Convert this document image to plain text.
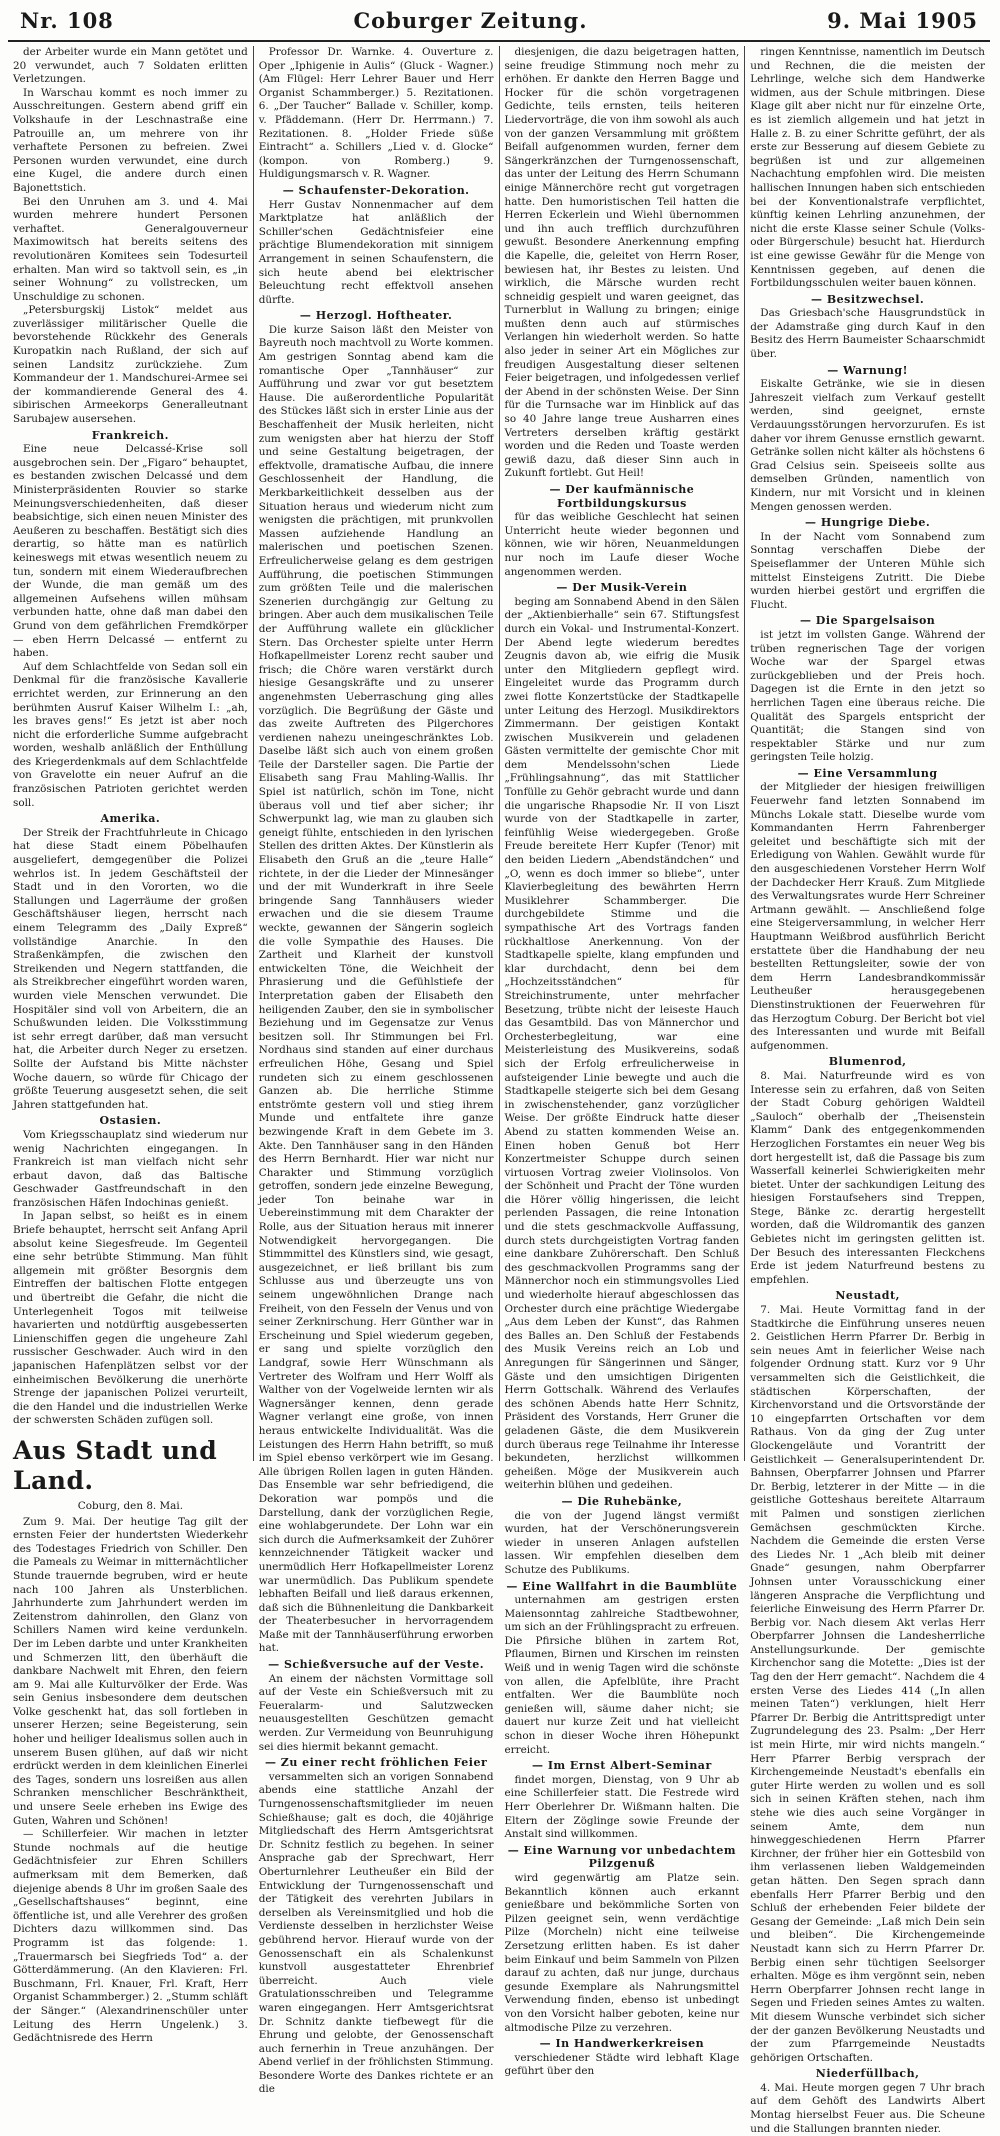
Nr. 108	Coburger Zeitung.	9. Mai 1905

der Arbeiter wurde ein Mann getötet und 20 verwundet, auch 7 Soldaten erlitten Verletzungen.

In Warschau kommt es noch immer zu Ausschreitungen. Gestern abend griff ein Volkshaufe in der Leschnastraße eine Patrouille an, um mehrere von ihr verhaftete Personen zu befreien. Zwei Personen wurden verwundet, eine durch eine Kugel, die andere durch einen Bajonettstich.

Bei den Unruhen am 3. und 4. Mai wurden mehrere hundert Personen verhaftet. Generalgouverneur Maximowitsch hat bereits seitens des revolutionären Komitees sein Todesurteil erhalten. Man wird so taktvoll sein, es „in seiner Wohnung“ zu vollstrecken, um Unschuldige zu schonen.

„Petersburgskij Listok“ meldet aus zuverlässiger militärischer Quelle die bevorstehende Rückkehr des Generals Kuropatkin nach Rußland, der sich auf seinen Landsitz zurückziehe. Zum Kommandeur der 1. Mandschurei-Armee sei der kommandierende General des 4. sibirischen Armeekorps Generalleutnant Sarubajew ausersehen.

Frankreich.

Eine neue Delcassé-Krise soll ausgebrochen sein. Der „Figaro“ behauptet, es bestanden zwischen Delcassé und dem Ministerpräsidenten Rouvier so starke Meinungsverschiedenheiten, daß dieser beabsichtige, sich einen neuen Minister des Aeußeren zu beschaffen. Bestätigt sich dies derartig, so hätte man es natürlich keineswegs mit etwas wesentlich neuem zu tun, sondern mit einem Wiederaufbrechen der Wunde, die man gemäß um des allgemeinen Aufsehens willen mühsam verbunden hatte, ohne daß man dabei den Grund von dem gefährlichen Fremdkörper — eben Herrn Delcassé — entfernt zu haben.

Auf dem Schlachtfelde von Sedan soll ein Denkmal für die französische Kavallerie errichtet werden, zur Erinnerung an den berühmten Ausruf Kaiser Wilhelm I.: „ah, les braves gens!“ Es jetzt ist aber noch nicht die erforderliche Summe aufgebracht worden, weshalb anläßlich der Enthüllung des Kriegerdenkmals auf dem Schlachtfelde von Gravelotte ein neuer Aufruf an die französischen Patrioten gerichtet werden soll.

Amerika.

Der Streik der Frachtfuhrleute in Chicago hat diese Stadt einem Pöbelhaufen ausgeliefert, demgegenüber die Polizei wehrlos ist. In jedem Geschäftsteil der Stadt und in den Vororten, wo die Stallungen und Lagerräume der großen Geschäftshäuser liegen, herrscht nach einem Telegramm des „Daily Expreß“ vollständige Anarchie. In den Straßenkämpfen, die zwischen den Streikenden und Negern stattfanden, die als Streikbrecher eingeführt worden waren, wurden viele Menschen verwundet. Die Hospitäler sind voll von Arbeitern, die an Schußwunden leiden. Die Volksstimmung ist sehr erregt darüber, daß man versucht hat, die Arbeiter durch Neger zu ersetzen. Sollte der Aufstand bis Mitte nächster Woche dauern, so würde für Chicago der größte Teuerung ausgesetzt sehen, die seit Jahren stattgefunden hat.

Ostasien.

Vom Kriegsschauplatz sind wiederum nur wenig Nachrichten eingegangen. In Frankreich ist man vielfach nicht sehr erbaut davon, daß das Baltische Geschwader Gastfreundschaft in den französischen Häfen Indochinas genießt.

In Japan selbst, so heißt es in einem Briefe behauptet, herrscht seit Anfang April absolut keine Siegesfreude. Im Gegenteil eine sehr betrübte Stimmung. Man fühlt allgemein mit größter Besorgnis dem Eintreffen der baltischen Flotte entgegen und übertreibt die Gefahr, die nicht die Unterlegenheit Togos mit teilweise havarierten und notdürftig ausgebesserten Linienschiffen gegen die ungeheure Zahl russischer Geschwader. Auch wird in den japanischen Hafenplätzen selbst vor der einheimischen Bevölkerung die unerhörte Strenge der japanischen Polizei verurteilt, die den Handel und die industriellen Werke der schwersten Schäden zufügen soll.

Aus Stadt und Land.
Coburg, den 8. Mai.

Zum 9. Mai. Der heutige Tag gilt der ernsten Feier der hundertsten Wiederkehr des Todestages Friedrich von Schiller. Den die Pameals zu Weimar in mitternächtlicher Stunde trauernde begruben, wird er heute nach 100 Jahren als Unsterblichen. Jahrhunderte zum Jahrhundert werden im Zeitenstrom dahinrollen, den Glanz von Schillers Namen wird keine verdunkeln. Der im Leben darbte und unter Krankheiten und Schmerzen litt, den überhäuft die dankbare Nachwelt mit Ehren, den feiern am 9. Mai alle Kulturvölker der Erde. Was sein Genius insbesondere dem deutschen Volke geschenkt hat, das soll fortleben in unserer Herzen; seine Begeisterung, sein hoher und heiliger Idealismus sollen auch in unserem Busen glühen, auf daß wir nicht erdrückt werden in dem kleinlichen Einerlei des Tages, sondern uns losreißen aus allen Schranken menschlicher Beschränktheit, und unsere Seele erheben ins Ewige des Guten, Wahren und Schönen!

— Schillerfeier. Wir machen in letzter Stunde nochmals auf die heutige Gedächtnisfeier zur Ehren Schillers aufmerksam mit dem Bemerken, daß diejenige abends 8 Uhr im großen Saale des „Gesellschaftshauses“ beginnt, eine öffentliche ist, und alle Verehrer des großen Dichters dazu willkommen sind. Das Programm ist das folgende: 1. „Trauermarsch bei Siegfrieds Tod“ a. der Götterdämmerung. (An den Klavieren: Frl. Buschmann, Frl. Knauer, Frl. Kraft, Herr Organist Schammberger.) 2. „Stumm schläft der Sänger.“ (Alexandrinenschüler unter Leitung des Herrn Ungelenk.) 3. Gedächtnisrede des Herrn

Professor Dr. Warnke. 4. Ouverture z. Oper „Iphigenie in Aulis“ (Gluck - Wagner.) (Am Flügel: Herr Lehrer Bauer und Herr Organist Schammberger.) 5. Rezitationen. 6. „Der Taucher“ Ballade v. Schiller, komp. v. Pfäddemann. (Herr Dr. Herrmann.) 7. Rezitationen. 8. „Holder Friede süße Eintracht“ a. Schillers „Lied v. d. Glocke“ (kompon. von Romberg.) 9. Huldigungsmarsch v. R. Wagner.

— Schaufenster-Dekoration.

Herr Gustav Nonnenmacher auf dem Marktplatze hat anläßlich der Schiller'schen Gedächtnisfeier eine prächtige Blumendekoration mit sinnigem Arrangement in seinen Schaufenstern, die sich heute abend bei elektrischer Beleuchtung recht effektvoll ansehen dürfte.

— Herzogl. Hoftheater.

Die kurze Saison läßt den Meister von Bayreuth noch machtvoll zu Worte kommen. Am gestrigen Sonntag abend kam die romantische Oper „Tannhäuser“ zur Aufführung und zwar vor gut besetztem Hause. Die außerordentliche Popularität des Stückes läßt sich in erster Linie aus der Beschaffenheit der Musik herleiten, nicht zum wenigsten aber hat hierzu der Stoff und seine Gestaltung beigetragen, der effektvolle, dramatische Aufbau, die innere Geschlossenheit der Handlung, die Merkbarkeitlichkeit desselben aus der Situation heraus und wiederum nicht zum wenigsten die prächtigen, mit prunkvollen Massen aufziehende Handlung an malerischen und poetischen Szenen. Erfreulicherweise gelang es dem gestrigen Aufführung, die poetischen Stimmungen zum größten Teile und die malerischen Szenerien durchgängig zur Geltung zu bringen. Aber auch dem musikalischen Teile der Aufführung wallete ein glücklicher Stern. Das Orchester spielte unter Herrn Hofkapellmeister Lorenz recht sauber und frisch; die Chöre waren verstärkt durch hiesige Gesangskräfte und zu unserer angenehmsten Ueberraschung ging alles vorzüglich. Die Begrüßung der Gäste und das zweite Auftreten des Pilgerchores verdienen nahezu uneingeschränktes Lob. Daselbe läßt sich auch von einem großen Teile der Darsteller sagen. Die Partie der Elisabeth sang Frau Mahling-Wallis. Ihr Spiel ist natürlich, schön im Tone, nicht überaus voll und tief aber sicher; ihr Schwerpunkt lag, wie man zu glauben sich geneigt fühlte, entschieden in den lyrischen Stellen des dritten Aktes. Der Künstlerin als Elisabeth den Gruß an die „teure Halle“ richtete, in der die Lieder der Minnesänger und der mit Wunderkraft in ihre Seele bringende Sang Tannhäusers wieder erwachen und die sie diesem Traume weckte, gewannen der Sängerin sogleich die volle Sympathie des Hauses. Die Zartheit und Klarheit der kunstvoll entwickelten Töne, die Weichheit der Phrasierung und die Gefühlstiefe der Interpretation gaben der Elisabeth den heiligenden Zauber, den sie in symbolischer Beziehung und im Gegensatze zur Venus besitzen soll. Ihr Stimmungen bei Frl. Nordhaus sind standen auf einer durchaus erfreulichen Höhe, Gesang und Spiel rundeten sich zu einem geschlossenen Ganzen ab. Die herrliche Stimme entströmte gestern voll und stieg ihrem Munde und entfaltete ihre ganze bezwingende Kraft in dem Gebete im 3. Akte. Den Tannhäuser sang in den Händen des Herrn Bernhardt. Hier war nicht nur Charakter und Stimmung vorzüglich getroffen, sondern jede einzelne Bewegung, jeder Ton beinahe war in Uebereinstimmung mit dem Charakter der Rolle, aus der Situation heraus mit innerer Notwendigkeit hervorgegangen. Die Stimmmittel des Künstlers sind, wie gesagt, ausgezeichnet, er ließ brillant bis zum Schlusse aus und überzeugte uns von seinem ungewöhnlichen Drange nach Freiheit, von den Fesseln der Venus und von seiner Zerknirschung. Herr Günther war in Erscheinung und Spiel wiederum gegeben, er sang und spielte vorzüglich den Landgraf, sowie Herr Wünschmann als Vertreter des Wolfram und Herr Wolff als Walther von der Vogelweide lernten wir als Wagnersänger kennen, denn gerade Wagner verlangt eine große, von innen heraus entwickelte Individualität. Was die Leistungen des Herrn Hahn betrifft, so muß im Spiel ebenso verkörpert wie im Gesang. Alle übrigen Rollen lagen in guten Händen. Das Ensemble war sehr befriedigend, die Dekoration war pompös und die Darstellung, dank der vorzüglichen Regie, eine wohlabgerundete. Der Lohn war ein sich durch die Aufmerksamkeit der Zuhörer kennzeichnender Tätigkeit wacker und unermüdlich Herr Hofkapellmeister Lorenz war unermüdlich. Das Publikum spendete lebhaften Beifall und ließ daraus erkennen, daß sich die Bühnenleitung die Dankbarkeit der Theaterbesucher in hervorragendem Maße mit der Tannhäuserführung erworben hat.

— Schießversuche auf der Veste.

An einem der nächsten Vormittage soll auf der Veste ein Schießversuch mit zu Feueralarm- und Salutzwecken neuausgestellten Geschützen gemacht werden. Zur Vermeidung von Beunruhigung sei dies hiermit bekannt gemacht.

— Zu einer recht fröhlichen Feier

versammelten sich an vorigen Sonnabend abends eine stattliche Anzahl der Turngenossenschaftsmitglieder im neuen Schießhause; galt es doch, die 40jährige Mitgliedschaft des Herrn Amtsgerichtsrat Dr. Schnitz festlich zu begehen. In seiner Ansprache gab der Sprechwart, Herr Oberturnlehrer Leutheußer ein Bild der Entwicklung der Turngenossenschaft und der Tätigkeit des verehrten Jubilars in derselben als Vereinsmitglied und hob die Verdienste desselben in herzlichster Weise gebührend hervor. Hierauf wurde von der Genossenschaft ein als Schalenkunst kunstvoll ausgestatteter Ehrenbrief überreicht. Auch viele Gratulationsschreiben und Telegramme waren eingegangen. Herr Amtsgerichtsrat Dr. Schnitz dankte tiefbewegt für die Ehrung und gelobte, der Genossenschaft auch fernerhin in Treue anzuhängen. Der Abend verlief in der fröhlichsten Stimmung. Besondere Worte des Dankes richtete er an die

diesjenigen, die dazu beigetragen hatten, seine freudige Stimmung noch mehr zu erhöhen. Er dankte den Herren Bagge und Hocker für die schön vorgetragenen Gedichte, teils ernsten, teils heiteren Liedervorträge, die von ihm sowohl als auch von der ganzen Versammlung mit größtem Beifall aufgenommen wurden, ferner dem Sängerkränzchen der Turngenossenschaft, das unter der Leitung des Herrn Schumann einige Männerchöre recht gut vorgetragen hatte. Den humoristischen Teil hatten die Herren Eckerlein und Wiehl übernommen und ihn auch trefflich durchzuführen gewußt. Besondere Anerkennung empfing die Kapelle, die, geleitet von Herrn Roser, bewiesen hat, ihr Bestes zu leisten. Und wirklich, die Märsche wurden recht schneidig gespielt und waren geeignet, das Turnerblut in Wallung zu bringen; einige mußten denn auch auf stürmisches Verlangen hin wiederholt werden. So hatte also jeder in seiner Art ein Mögliches zur freudigen Ausgestaltung dieser seltenen Feier beigetragen, und infolgedessen verlief der Abend in der schönsten Weise. Der Sinn für die Turnsache war im Hinblick auf das so 40 Jahre lange treue Ausharren eines Vertreters derselben kräftig gestärkt worden und die Reden und Toaste werden gewiß dazu, daß dieser Sinn auch in Zukunft fortlebt. Gut Heil!

— Der kaufmännische Fortbildungskursus

für das weibliche Geschlecht hat seinen Unterricht heute wieder begonnen und können, wie wir hören, Neuanmeldungen nur noch im Laufe dieser Woche angenommen werden.

— Der Musik-Verein

beging am Sonnabend Abend in den Sälen der „Aktienbierhalle“ sein 67. Stiftungsfest durch ein Vokal- und Instrumental-Konzert. Der Abend legte wiederum beredtes Zeugnis davon ab, wie eifrig die Musik unter den Mitgliedern gepflegt wird. Eingeleitet wurde das Programm durch zwei flotte Konzertstücke der Stadtkapelle unter Leitung des Herzogl. Musikdirektors Zimmermann. Der geistigen Kontakt zwischen Musikverein und geladenen Gästen vermittelte der gemischte Chor mit dem Mendelssohn'schen Liede „Frühlingsahnung“, das mit Stattlicher Tonfülle zu Gehör gebracht wurde und dann die ungarische Rhapsodie Nr. II von Liszt wurde von der Stadtkapelle in zarter, feinfühlig Weise wiedergegeben. Große Freude bereitete Herr Kupfer (Tenor) mit den beiden Liedern „Abendständchen“ und „O, wenn es doch immer so bliebe“, unter Klavierbegleitung des bewährten Herrn Musiklehrer Schammberger. Die durchgebildete Stimme und die sympathische Art des Vortrags fanden rückhaltlose Anerkennung. Von der Stadtkapelle spielte, klang empfunden und klar durchdacht, denn bei dem „Hochzeitsständchen“ für Streichinstrumente, unter mehrfacher Besetzung, trübte nicht der leiseste Hauch das Gesamtbild. Das von Männerchor und Orchesterbegleitung, war eine Meisterleistung des Musikvereins, sodaß sich der Erfolg erfreulicherweise in aufsteigender Linie bewegte und auch die Stadtkapelle steigerte sich bei dem Gesang in zwischenstehender, ganz vorzüglicher Weise. Der größte Eindruck hatte dieser Abend zu statten kommenden Weise an. Einen hoben Genuß bot Herr Konzertmeister Schuppe durch seinen virtuosen Vortrag zweier Violinsolos. Von der Schönheit und Pracht der Töne wurden die Hörer völlig hingerissen, die leicht perlenden Passagen, die reine Intonation und die stets geschmackvolle Auffassung, durch stets durchgeistigten Vortrag fanden eine dankbare Zuhörerschaft. Den Schluß des geschmackvollen Programms sang der Männerchor noch ein stimmungsvolles Lied und wiederholte hierauf abgeschlossen das Orchester durch eine prächtige Wiedergabe „Aus dem Leben der Kunst“, das Rahmen des Balles an. Den Schluß der Festabends des Musik Vereins reich an Lob und Anregungen für Sängerinnen und Sänger, Gäste und den umsichtigen Dirigenten Herrn Gottschalk. Während des Verlaufes des schönen Abends hatte Herr Schnitz, Präsident des Vorstands, Herr Gruner die geladenen Gäste, die dem Musikverein durch überaus rege Teilnahme ihr Interesse bekundeten, herzlichst willkommen geheißen. Möge der Musikverein auch weiterhin blühen und gedeihen.

— Die Ruhebänke,

die von der Jugend längst vermißt wurden, hat der Verschönerungsverein wieder in unseren Anlagen aufstellen lassen. Wir empfehlen dieselben dem Schutze des Publikums.

— Eine Wallfahrt in die Baumblüte

unternahmen am gestrigen ersten Maiensonntag zahlreiche Stadtbewohner, um sich an der Frühlingspracht zu erfreuen. Die Pfirsiche blühen in zartem Rot, Pflaumen, Birnen und Kirschen im reinsten Weiß und in wenig Tagen wird die schönste von allen, die Apfelblüte, ihre Pracht entfalten. Wer die Baumblüte noch genießen will, säume daher nicht; sie dauert nur kurze Zeit und hat vielleicht schon in dieser Woche ihren Höhepunkt erreicht.

— Im Ernst Albert-Seminar

findet morgen, Dienstag, von 9 Uhr ab eine Schillerfeier statt. Die Festrede wird Herr Oberlehrer Dr. Wißmann halten. Die Eltern der Zöglinge sowie Freunde der Anstalt sind willkommen.

— Eine Warnung vor unbedachtem Pilzgenuß

wird gegenwärtig am Platze sein. Bekanntlich können auch erkannt genießbare und bekömmliche Sorten von Pilzen geeignet sein, wenn verdächtige Pilze (Morcheln) nicht eine teilweise Zersetzung erlitten haben. Es ist daher beim Einkauf und beim Sammeln von Pilzen darauf zu achten, daß nur junge, durchaus gesunde Exemplare als Nahrungsmittel Verwendung finden, ebenso ist unbedingt von den Vorsicht halber geboten, keine nur altmodische Pilze zu verzehren.

— In Handwerkerkreisen

verschiedener Städte wird lebhaft Klage geführt über den

ringen Kenntnisse, namentlich im Deutsch und Rechnen, die die meisten der Lehrlinge, welche sich dem Handwerke widmen, aus der Schule mitbringen. Diese Klage gilt aber nicht nur für einzelne Orte, es ist ziemlich allgemein und hat jetzt in Halle z. B. zu einer Schritte geführt, der als erste zur Besserung auf diesem Gebiete zu begrüßen ist und zur allgemeinen Nachachtung empfohlen wird. Die meisten hallischen Innungen haben sich entschieden bei der Konventionalstrafe verpflichtet, künftig keinen Lehrling anzunehmen, der nicht die erste Klasse seiner Schule (Volks- oder Bürgerschule) besucht hat. Hierdurch ist eine gewisse Gewähr für die Menge von Kenntnissen gegeben, auf denen die Fortbildungsschulen weiter bauen können.

— Besitzwechsel.

Das Griesbach'sche Hausgrundstück in der Adamstraße ging durch Kauf in den Besitz des Herrn Baumeister Schaarschmidt über.

— Warnung!

Eiskalte Getränke, wie sie in diesen Jahreszeit vielfach zum Verkauf gestellt werden, sind geeignet, ernste Verdauungsstörungen hervorzurufen. Es ist daher vor ihrem Genusse ernstlich gewarnt. Getränke sollen nicht kälter als höchstens 6 Grad Celsius sein. Speiseeis sollte aus demselben Gründen, namentlich von Kindern, nur mit Vorsicht und in kleinen Mengen genossen werden.

— Hungrige Diebe.

In der Nacht vom Sonnabend zum Sonntag verschaffen Diebe der Speiseflammer der Unteren Mühle sich mittelst Einsteigens Zutritt. Die Diebe wurden hierbei gestört und ergriffen die Flucht.

— Die Spargelsaison

ist jetzt im vollsten Gange. Während der trüben regnerischen Tage der vorigen Woche war der Spargel etwas zurückgeblieben und der Preis hoch. Dagegen ist die Ernte in den jetzt so herrlichen Tagen eine überaus reiche. Die Qualität des Spargels entspricht der Quantität; die Stangen sind von respektabler Stärke und nur zum geringsten Teile holzig.

— Eine Versammlung

der Mitglieder der hiesigen freiwilligen Feuerwehr fand letzten Sonnabend im Münchs Lokale statt. Dieselbe wurde vom Kommandanten Herrn Fahrenberger geleitet und beschäftigte sich mit der Erledigung von Wahlen. Gewählt wurde für den ausgeschiedenen Vorsteher Herrn Wolf der Dachdecker Herr Krauß. Zum Mitgliede des Verwaltungsrates wurde Herr Schreiner Artmann gewählt. — Anschließend folge eine Steigerversammlung, in welcher Herr Hauptmann Weißbrod ausführlich Bericht erstattete über die Handhabung der neu bestellten Rettungsleiter, sowie der von dem Herrn Landesbrandkommissär Leutheußer herausgegebenen Dienstinstruktionen der Feuerwehren für das Herzogtum Coburg. Der Bericht bot viel des Interessanten und wurde mit Beifall aufgenommen.

Blumenrod,

8. Mai. Naturfreunde wird es von Interesse sein zu erfahren, daß von Seiten der Stadt Coburg gehörigen Waldteil „Sauloch“ oberhalb der „Theisenstein Klamm“ Dank des entgegenkommenden Herzoglichen Forstamtes ein neuer Weg bis dort hergestellt ist, daß die Passage bis zum Wasserfall keinerlei Schwierigkeiten mehr bietet. Unter der sachkundigen Leitung des hiesigen Forstaufsehers sind Treppen, Stege, Bänke zc. derartig hergestellt worden, daß die Wildromantik des ganzen Gebietes nicht im geringsten gelitten ist. Der Besuch des interessanten Fleckchens Erde ist jedem Naturfreund bestens zu empfehlen.

Neustadt,

7. Mai. Heute Vormittag fand in der Stadtkirche die Einführung unseres neuen 2. Geistlichen Herrn Pfarrer Dr. Berbig in sein neues Amt in feierlicher Weise nach folgender Ordnung statt. Kurz vor 9 Uhr versammelten sich die Geistlichkeit, die städtischen Körperschaften, der Kirchenvorstand und die Ortsvorstände der 10 eingepfarrten Ortschaften vor dem Rathaus. Von da ging der Zug unter Glockengeläute und Vorantritt der Geistlichkeit — Generalsuperintendent Dr. Bahnsen, Oberpfarrer Johnsen und Pfarrer Dr. Berbig, letzterer in der Mitte — in die geistliche Gotteshaus bereitete Altarraum mit Palmen und sonstigen zierlichen Gemächsen geschmückten Kirche. Nachdem die Gemeinde die ersten Verse des Liedes Nr. 1 „Ach bleib mit deiner Gnade“ gesungen, nahm Oberpfarrer Johnsen unter Vorausschickung einer längeren Ansprache die Verpflichtung und feierliche Einweisung des Herrn Pfarrer Dr. Berbig vor. Nach diesem Akt verlas Herr Oberpfarrer Johnsen die Landesherrliche Anstellungsurkunde. Der gemischte Kirchenchor sang die Motette: „Dies ist der Tag den der Herr gemacht“. Nachdem die 4 ersten Verse des Liedes 414 („In allen meinen Taten“) verklungen, hielt Herr Pfarrer Dr. Berbig die Antrittspredigt unter Zugrundelegung des 23. Psalm: „Der Herr ist mein Hirte, mir wird nichts mangeln.“ Herr Pfarrer Berbig versprach der Kirchengemeinde Neustadt's ebenfalls ein guter Hirte werden zu wollen und es soll sich in seinen Kräften stehen, nach ihm stehe wie dies auch seine Vorgänger in seinem Amte, dem nun hinweggeschiedenen Herrn Pfarrer Kirchner, der früher hier ein Gottesbild von ihm verlassenen lieben Waldgemeinden getan hätten. Den Segen sprach dann ebenfalls Herr Pfarrer Berbig und den Schluß der erhebenden Feier bildete der Gesang der Gemeinde: „Laß mich Dein sein und bleiben“. Die Kirchengemeinde Neustadt kann sich zu Herrn Pfarrer Dr. Berbig einen sehr tüchtigen Seelsorger erhalten. Möge es ihm vergönnt sein, neben Herrn Oberpfarrer Johnsen recht lange in Segen und Frieden seines Amtes zu walten. Mit diesem Wunsche verbindet sich sicher der der ganzen Bevölkerung Neustadts und der zum Pfarrgemeinde Neustadts gehörigen Ortschaften.

Niederfüllbach,

4. Mai. Heute morgen gegen 7 Uhr brach auf dem Gehöft des Landwirts Albert Montag hierselbst Feuer aus. Die Scheune und die Stallungen brannten nieder.
